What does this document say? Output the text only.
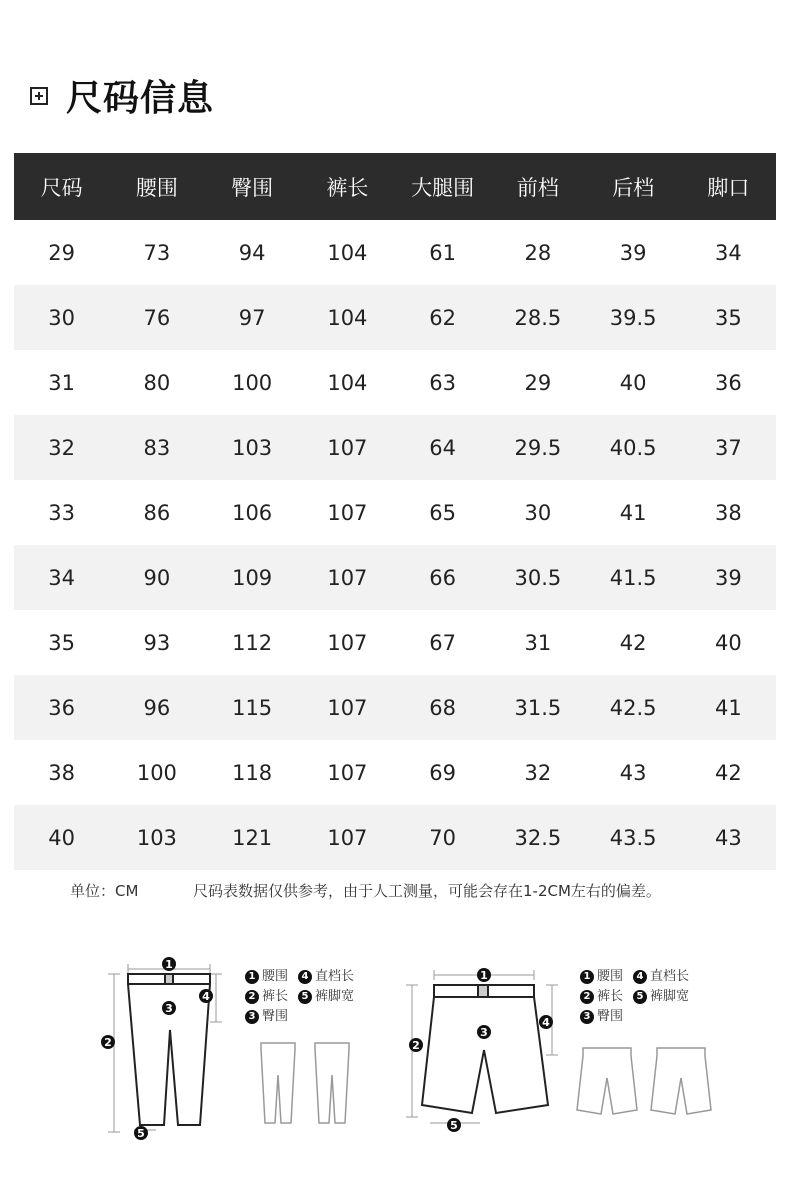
尺码信息
尺码	腰围	臀围	裤长	大腿围	前档	后档	脚口
29	73	94	104	61	28	39	34
30	76	97	104	62	28.5	39.5	35
31	80	100	104	63	29	40	36
32	83	103	107	64	29.5	40.5	37
33	86	106	107	65	30	41	38
34	90	109	107	66	30.5	41.5	39
35	93	112	107	67	31	42	40
36	96	115	107	68	31.5	42.5	41
38	100	118	107	69	32	43	42
40	103	121	107	70	32.5	43.5	43
单位：CM	尺码表数据仅供参考，由于人工测量，可能会存在1-2CM左右的偏差。
1
2
3
4
5
1 腰围	4 直档长
2 裤长	5 裤脚宽
3 臀围
1
2
3
4
5
1 腰围	4 直档长
2 裤长	5 裤脚宽
3 臀围
